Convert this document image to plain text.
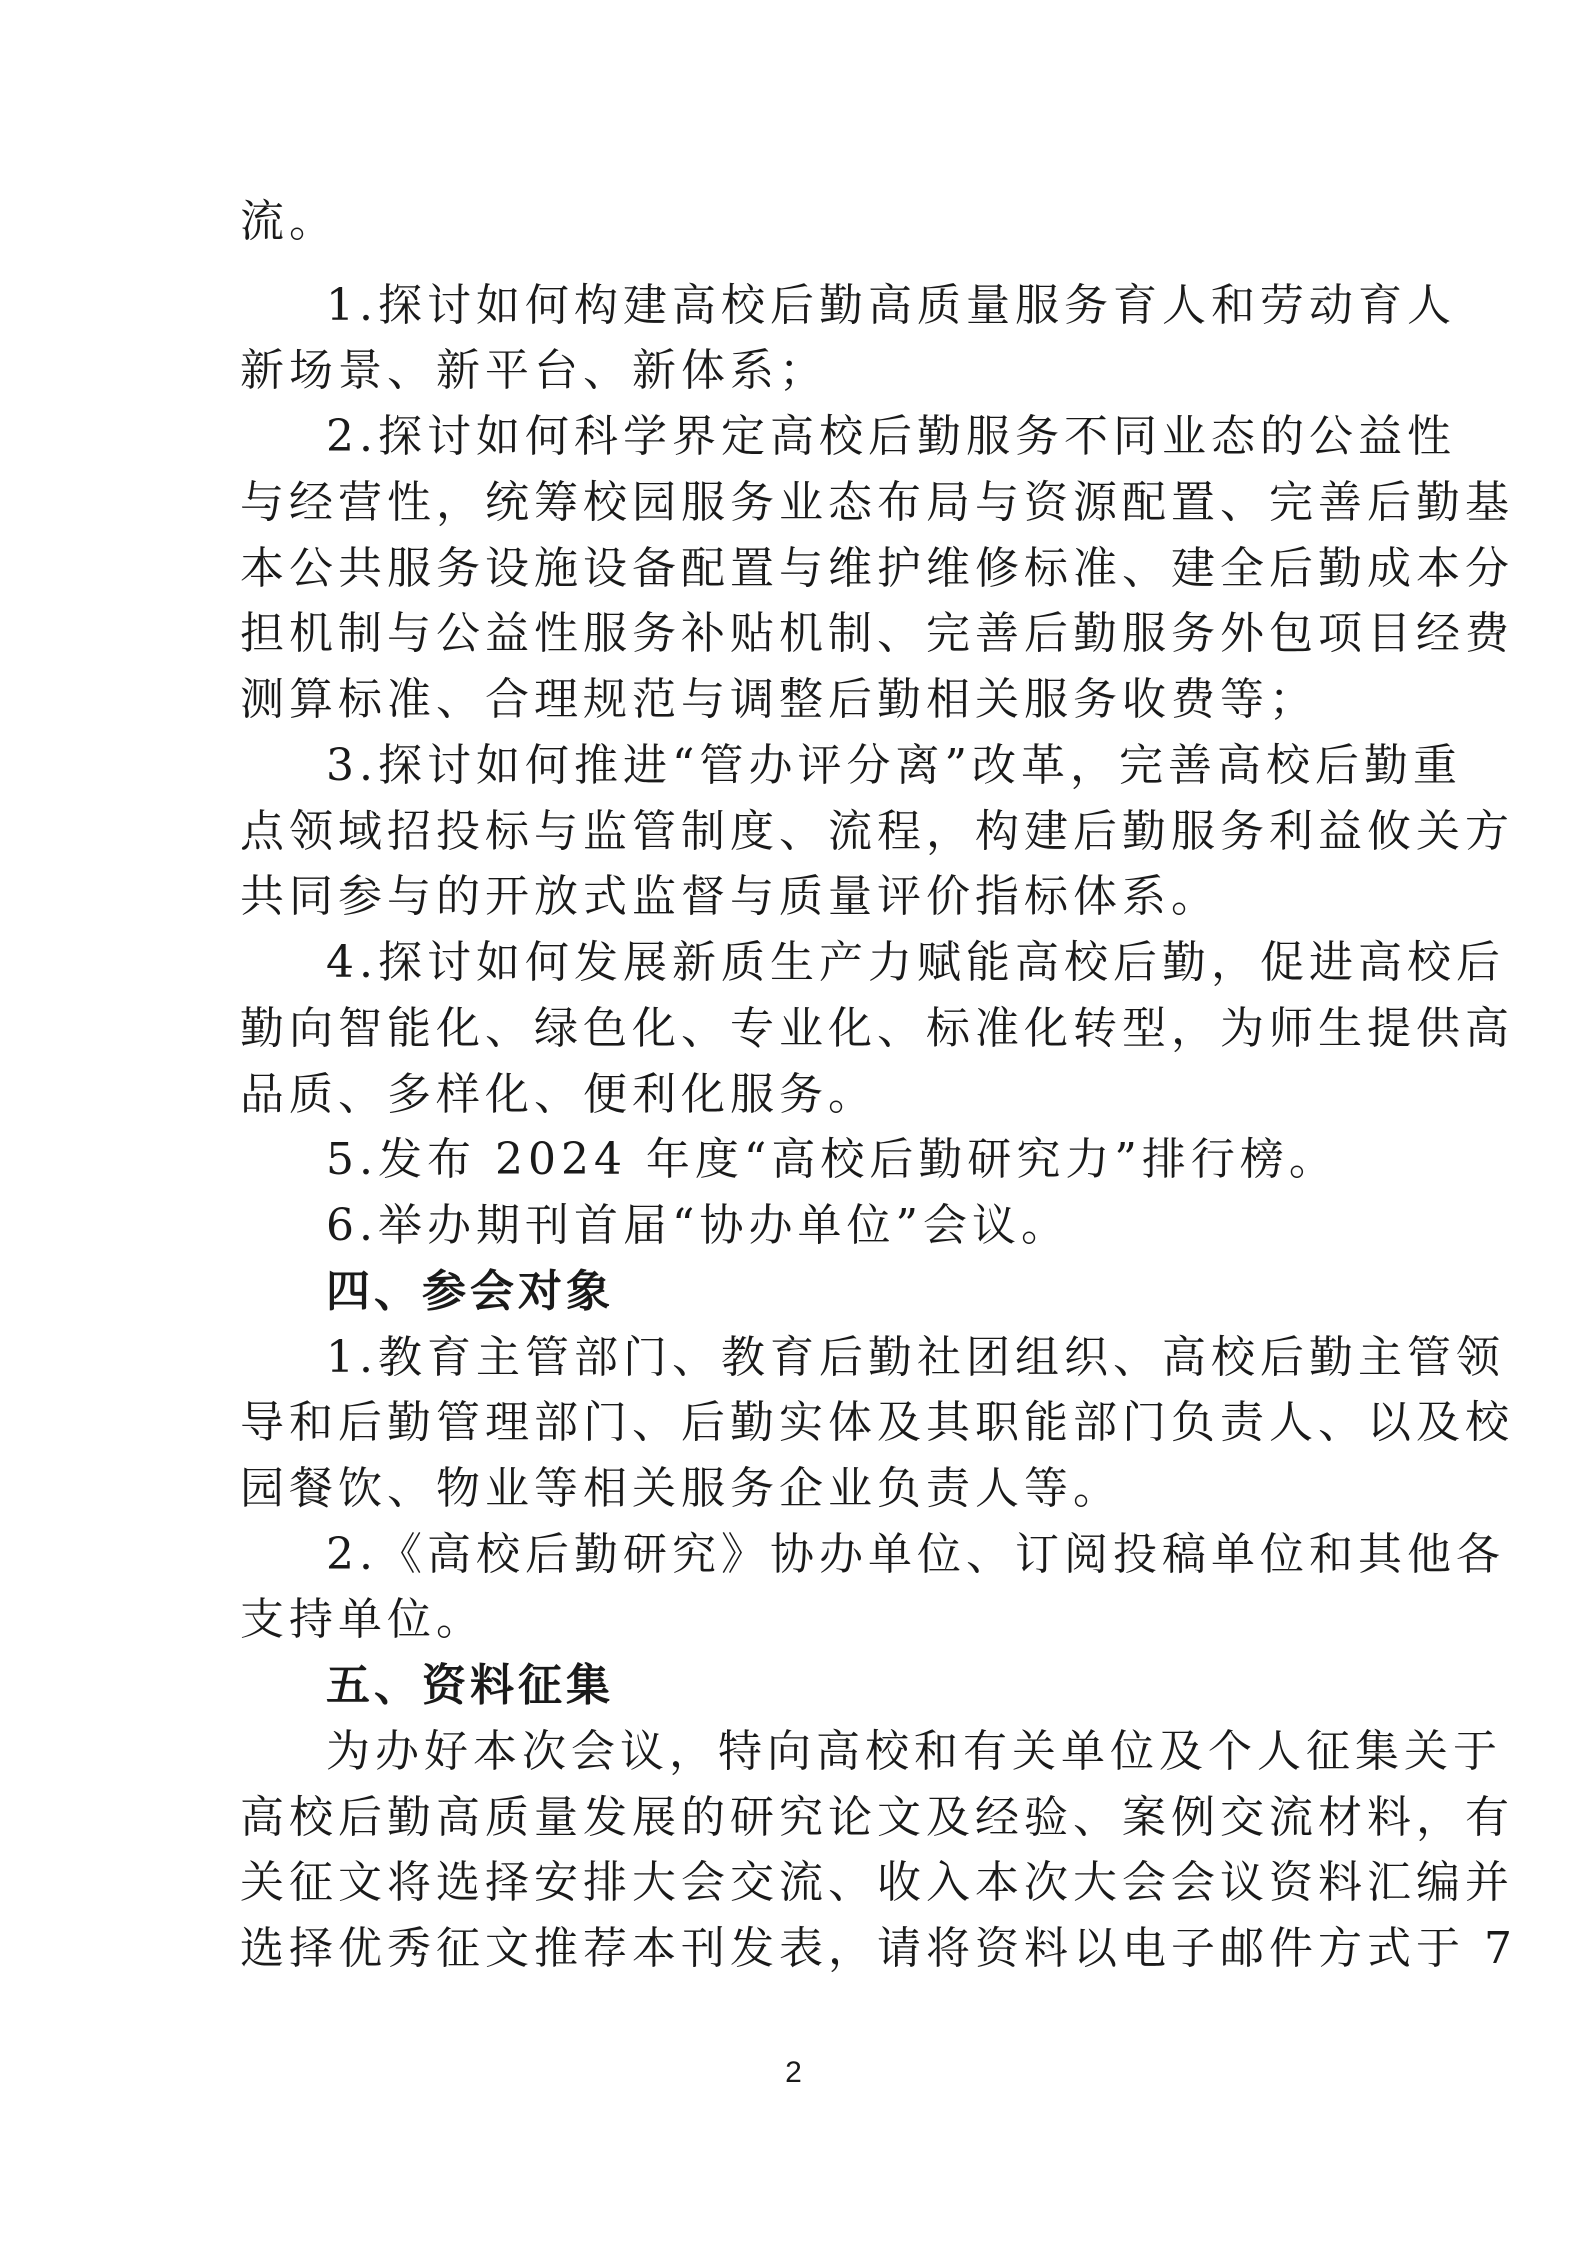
流。
1.探讨如何构建高校后勤高质量服务育人和劳动育人
新场景、新平台、新体系；
2.探讨如何科学界定高校后勤服务不同业态的公益性
与经营性，统筹校园服务业态布局与资源配置、完善后勤基
本公共服务设施设备配置与维护维修标准、建全后勤成本分
担机制与公益性服务补贴机制、完善后勤服务外包项目经费
测算标准、合理规范与调整后勤相关服务收费等；
3.探讨如何推进“管办评分离”改革，完善高校后勤重
点领域招投标与监管制度、流程，构建后勤服务利益攸关方
共同参与的开放式监督与质量评价指标体系。
4.探讨如何发展新质生产力赋能高校后勤，促进高校后
勤向智能化、绿色化、专业化、标准化转型，为师生提供高
品质、多样化、便利化服务。
5.发布 2024 年度“高校后勤研究力”排行榜。
6.举办期刊首届“协办单位”会议。
四、参会对象
1.教育主管部门、教育后勤社团组织、高校后勤主管领
导和后勤管理部门、后勤实体及其职能部门负责人、以及校
园餐饮、物业等相关服务企业负责人等。
2.《高校后勤研究》协办单位、订阅投稿单位和其他各
支持单位。
五、资料征集
为办好本次会议，特向高校和有关单位及个人征集关于
高校后勤高质量发展的研究论文及经验、案例交流材料，有
关征文将选择安排大会交流、收入本次大会会议资料汇编并
选择优秀征文推荐本刊发表，请将资料以电子邮件方式于 7
2
